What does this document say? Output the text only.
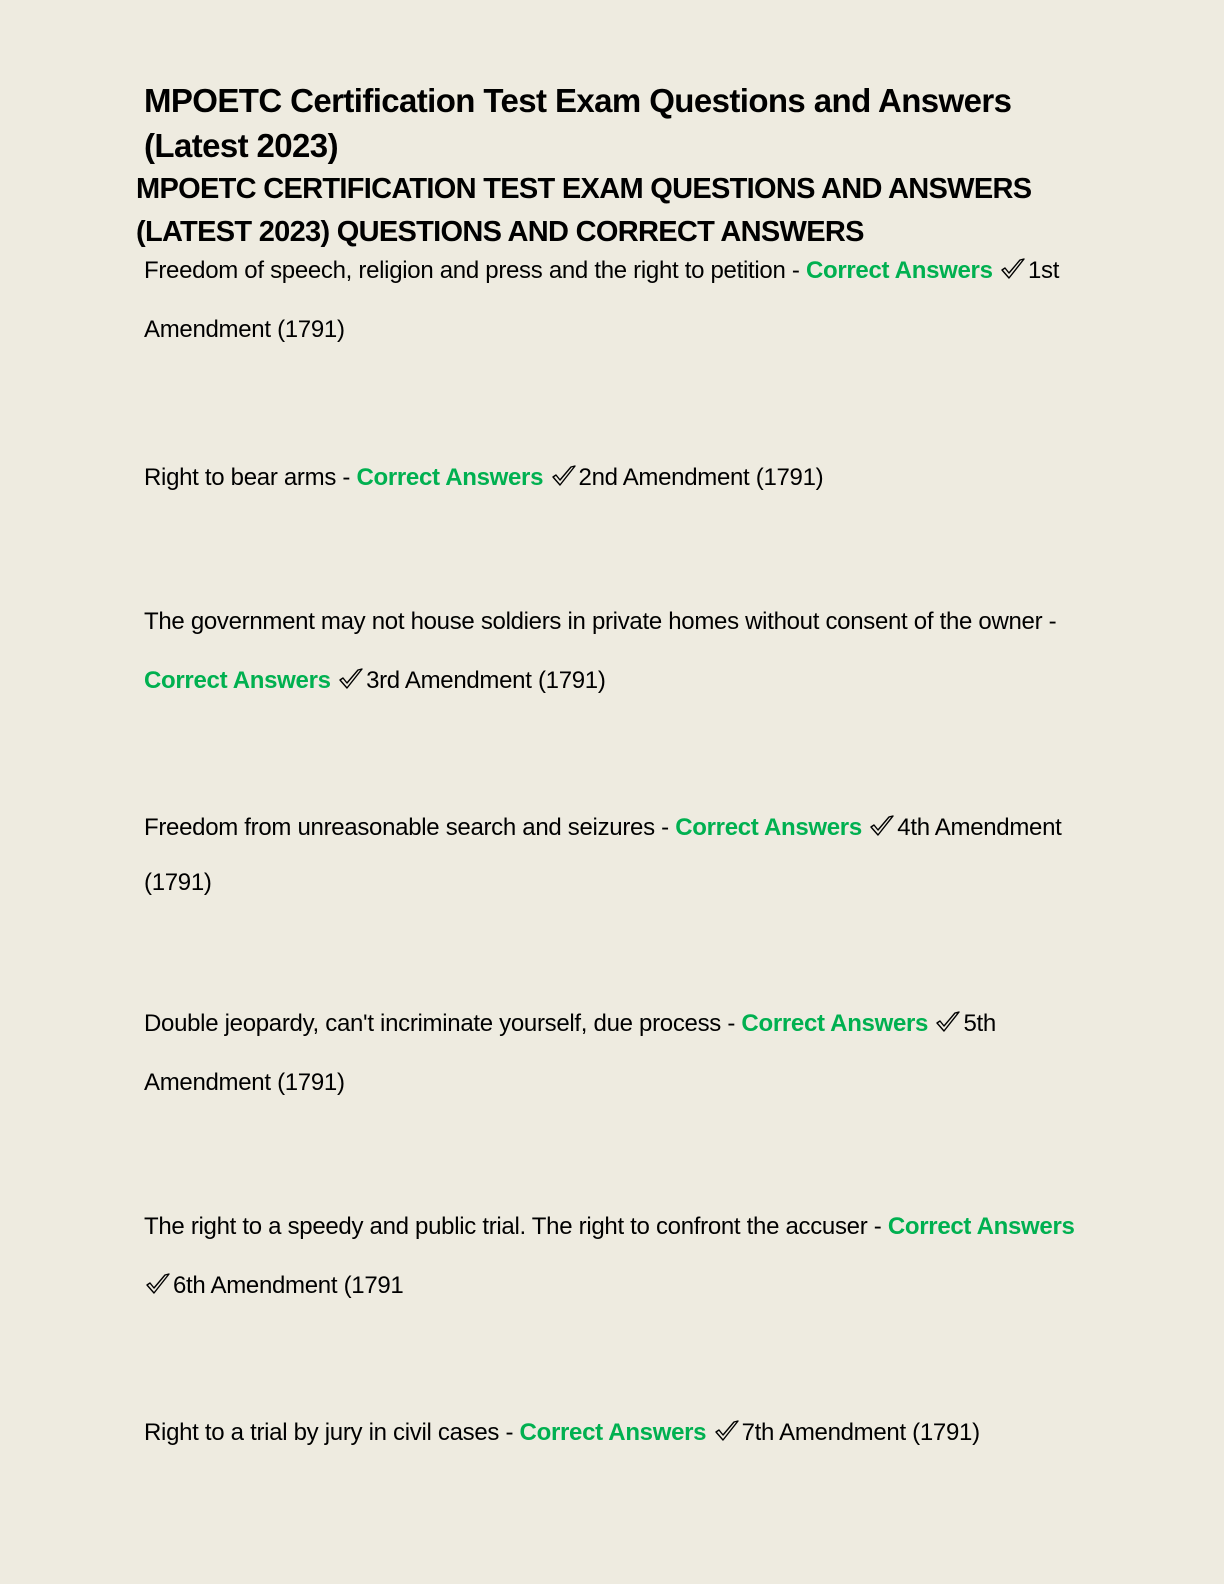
MPOETC Certification Test Exam Questions and Answers (Latest 2023)
MPOETC CERTIFICATION TEST EXAM QUESTIONS AND ANSWERS (LATEST 2023) QUESTIONS AND CORRECT ANSWERS

Freedom of speech, religion and press and the right to petition - Correct Answers 1st Amendment (1791)

Right to bear arms - Correct Answers 2nd Amendment (1791)

The government may not house soldiers in private homes without consent of the owner - Correct Answers 3rd Amendment (1791)

Freedom from unreasonable search and seizures - Correct Answers 4th Amendment (1791)

Double jeopardy, can't incriminate yourself, due process - Correct Answers 5th Amendment (1791)

The right to a speedy and public trial. The right to confront the accuser - Correct Answers
6th Amendment (1791

Right to a trial by jury in civil cases - Correct Answers 7th Amendment (1791)
